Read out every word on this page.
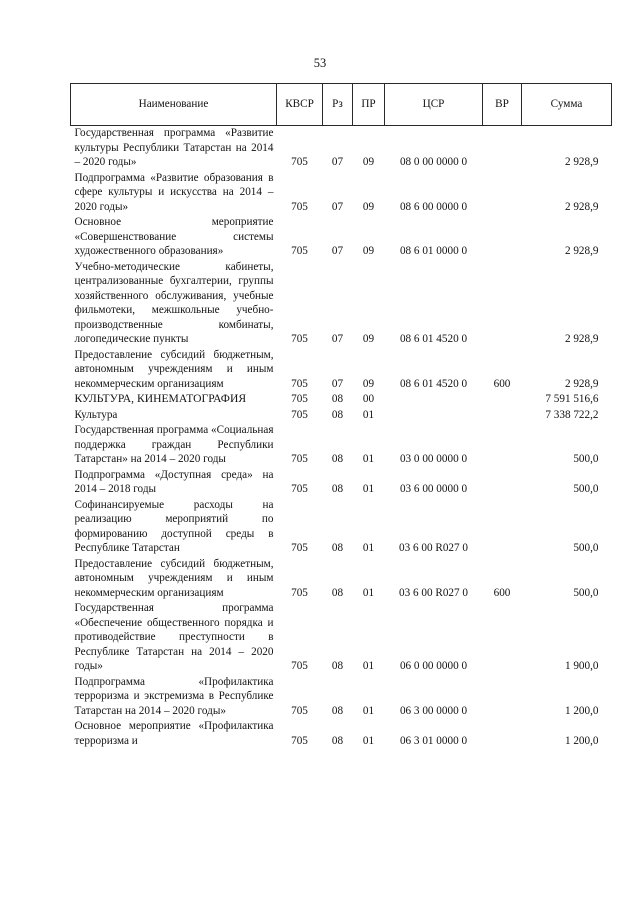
53
Наименование	КВСР	Рз	ПР	ЦСР	ВР	Сумма
Государственная программа «Развитие культуры Республики Татарстан на 2014 – 2020 годы»	705	07	09	08 0 00 0000 0		2 928,9
Подпрограмма «Развитие образования в сфере культуры и искусства на 2014 – 2020 годы»	705	07	09	08 6 00 0000 0		2 928,9
Основное мероприятие «Совершенствование системы художественного образования»	705	07	09	08 6 01 0000 0		2 928,9
Учебно-методические кабинеты, централизованные бухгалтерии, группы хозяйственного обслуживания, учебные фильмотеки, межшкольные учебно-производственные комбинаты, логопедические пункты	705	07	09	08 6 01 4520 0		2 928,9
Предоставление субсидий бюджетным, автономным учреждениям и иным некоммерческим организациям	705	07	09	08 6 01 4520 0	600	2 928,9
КУЛЬТУРА, КИНЕМАТОГРАФИЯ	705	08	00			7 591 516,6
Культура	705	08	01			7 338 722,2
Государственная программа «Социальная поддержка граждан Республики Татарстан» на 2014 – 2020 годы	705	08	01	03 0 00 0000 0		500,0
Подпрограмма «Доступная среда» на 2014 – 2018 годы	705	08	01	03 6 00 0000 0		500,0
Софинансируемые расходы на реализацию мероприятий по формированию доступной среды в Республике Татарстан	705	08	01	03 6 00 R027 0		500,0
Предоставление субсидий бюджетным, автономным учреждениям и иным некоммерческим организациям	705	08	01	03 6 00 R027 0	600	500,0
Государственная программа «Обеспечение общественного порядка и противодействие преступности в Республике Татарстан на 2014 – 2020 годы»	705	08	01	06 0 00 0000 0		1 900,0
Подпрограмма «Профилактика терроризма и экстремизма в Республике Татарстан на 2014 – 2020 годы»	705	08	01	06 3 00 0000 0		1 200,0
Основное мероприятие «Профилактика терроризма и	705	08	01	06 3 01 0000 0		1 200,0
